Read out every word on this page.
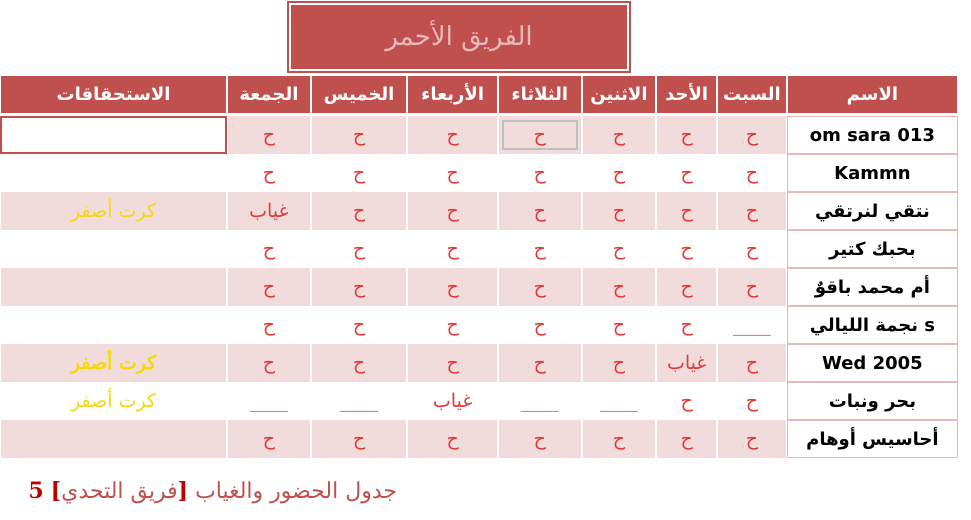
الفريق الأحمر
الاسم
السبت
الأحد
الاثنين
الثلاثاء
الأربعاء
الخميس
الجمعة
الاستحقاقات
om sara 013
ح
ح
ح
ح
ح
ح
ح
Kammn
ح
ح
ح
ح
ح
ح
ح
نتقي لنرتقي
ح
ح
ح
ح
ح
ح
غياب
كرت أصفر
بحبك كتير
ح
ح
ح
ح
ح
ح
ح
أم محمد باقوٌ
ح
ح
ح
ح
ح
ح
ح
نجمة الليالي s
____
ح
ح
ح
ح
ح
ح
Wed 2005
ح
غياب
ح
ح
ح
ح
ح
كرت أصفر
بحر ونبات
ح
ح
____
____
غياب
____
____
كرت أصفر
أحاسيس أوهام
ح
ح
ح
ح
ح
ح
ح
جدول الحضور والغياب [فريق التحدي] 5
